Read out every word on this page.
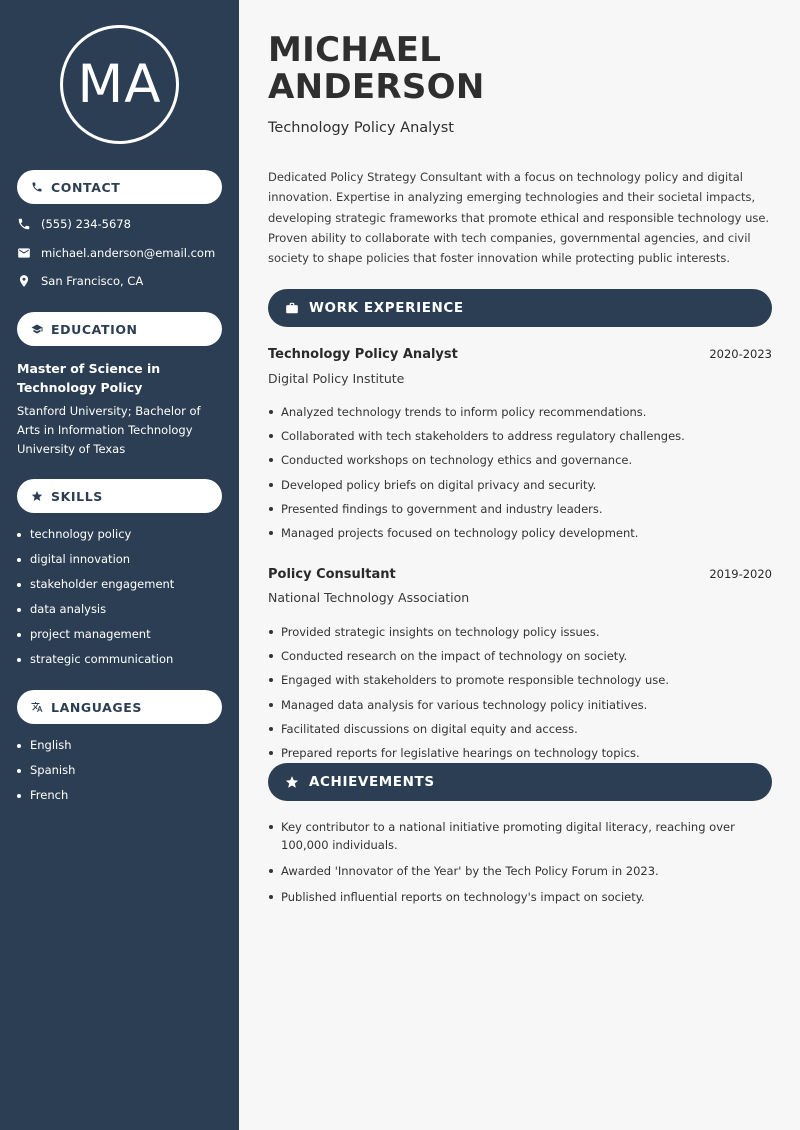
MA
CONTACT
(555) 234-5678
michael.anderson@email.com
San Francisco, CA
EDUCATION
Master of Science in Technology Policy
Stanford University; Bachelor of Arts in Information Technology University of Texas
SKILLS
technology policy
digital innovation
stakeholder engagement
data analysis
project management
strategic communication
LANGUAGES
English
Spanish
French
MICHAEL
ANDERSON
Technology Policy Analyst

Dedicated Policy Strategy Consultant with a focus on technology policy and digital innovation. Expertise in analyzing emerging technologies and their societal impacts, developing strategic frameworks that promote ethical and responsible technology use. Proven ability to collaborate with tech companies, governmental agencies, and civil society to shape policies that foster innovation while protecting public interests.

WORK EXPERIENCE
Technology Policy Analyst	2020-2023
Digital Policy Institute
Analyzed technology trends to inform policy recommendations.
Collaborated with tech stakeholders to address regulatory challenges.
Conducted workshops on technology ethics and governance.
Developed policy briefs on digital privacy and security.
Presented findings to government and industry leaders.
Managed projects focused on technology policy development.
Policy Consultant	2019-2020
National Technology Association
Provided strategic insights on technology policy issues.
Conducted research on the impact of technology on society.
Engaged with stakeholders to promote responsible technology use.
Managed data analysis for various technology policy initiatives.
Facilitated discussions on digital equity and access.
Prepared reports for legislative hearings on technology topics.
ACHIEVEMENTS
Key contributor to a national initiative promoting digital literacy, reaching over 100,000 individuals.
Awarded 'Innovator of the Year' by the Tech Policy Forum in 2023.
Published influential reports on technology's impact on society.
